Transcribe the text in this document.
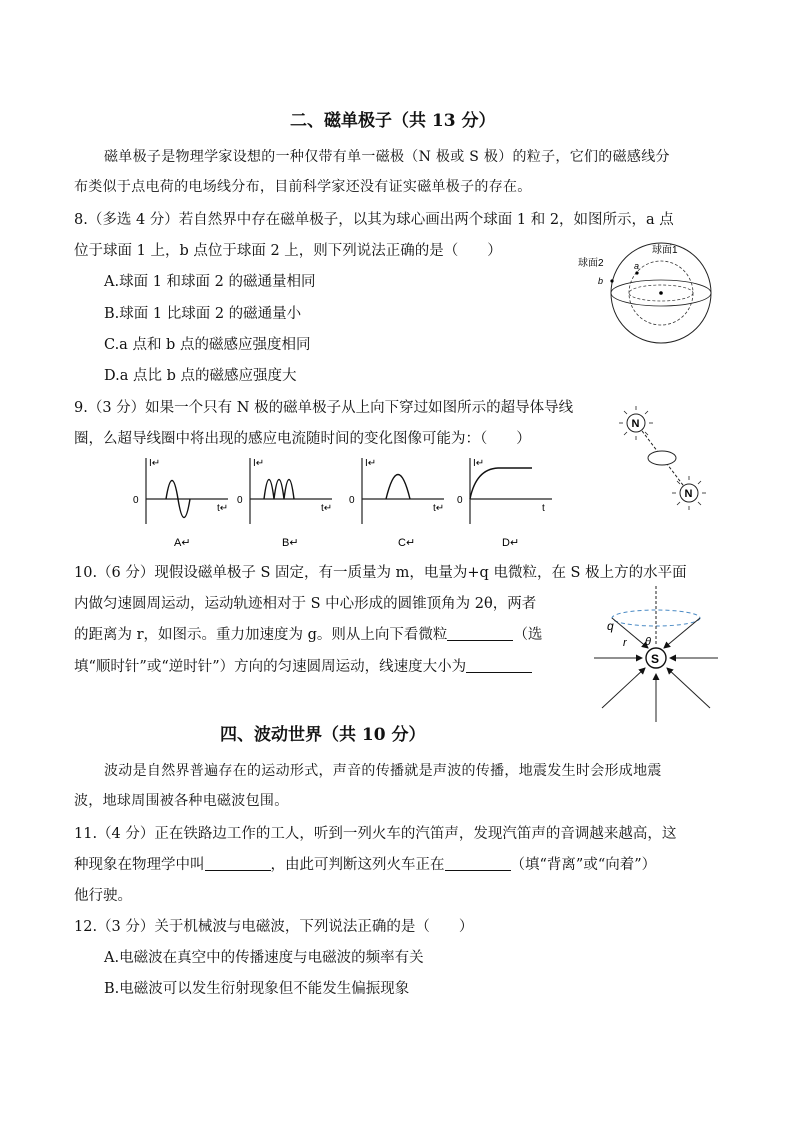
二、磁单极子（共 13 分）
磁单极子是物理学家设想的一种仅带有单一磁极（N 极或 S 极）的粒子，它们的磁感线分
布类似于点电荷的电场线分布，目前科学家还没有证实磁单极子的存在。
8.（多选 4 分）若自然界中存在磁单极子，以其为球心画出两个球面 1 和 2，如图所示，a 点
位于球面 1 上，b 点位于球面 2 上，则下列说法正确的是（　　）
A.球面 1 和球面 2 的磁通量相同
B.球面 1 比球面 2 的磁通量小
C.a 点和 b 点的磁感应强度相同
D.a 点比 b 点的磁感应强度大
a
b
球面1
球面2
9.（3 分）如果一个只有 N 极的磁单极子从上向下穿过如图所示的超导体导线
圈，么超导线圈中将出现的感应电流随时间的变化图像可能为：（　　）
N
N
I↵
t↵
0
A↵
I↵
t↵
0
B↵
I↵
t↵
0
C↵
I↵
t
0
D↵
10.（6 分）现假设磁单极子 S 固定，有一质量为 m，电量为+q 电微粒，在 S 极上方的水平面
内做匀速圆周运动，运动轨迹相对于 S 中心形成的圆锥顶角为 2θ，两者
的距离为 r，如图示。重力加速度为 g。则从上向下看微粒	（选
填“顺时针”或“逆时针”）方向的匀速圆周运动，线速度大小为	S
q
r θ
四、波动世界（共 10 分）
波动是自然界普遍存在的运动形式，声音的传播就是声波的传播，地震发生时会形成地震
波，地球周围被各种电磁波包围。
11.（4 分）正在铁路边工作的工人，听到一列火车的汽笛声，发现汽笛声的音调越来越高，这
种现象在物理学中叫	，由此可判断这列火车正在	（填“背离”或“向着”）
他行驶。
12.（3 分）关于机械波与电磁波，下列说法正确的是（　　）
A.电磁波在真空中的传播速度与电磁波的频率有关
B.电磁波可以发生衍射现象但不能发生偏振现象
